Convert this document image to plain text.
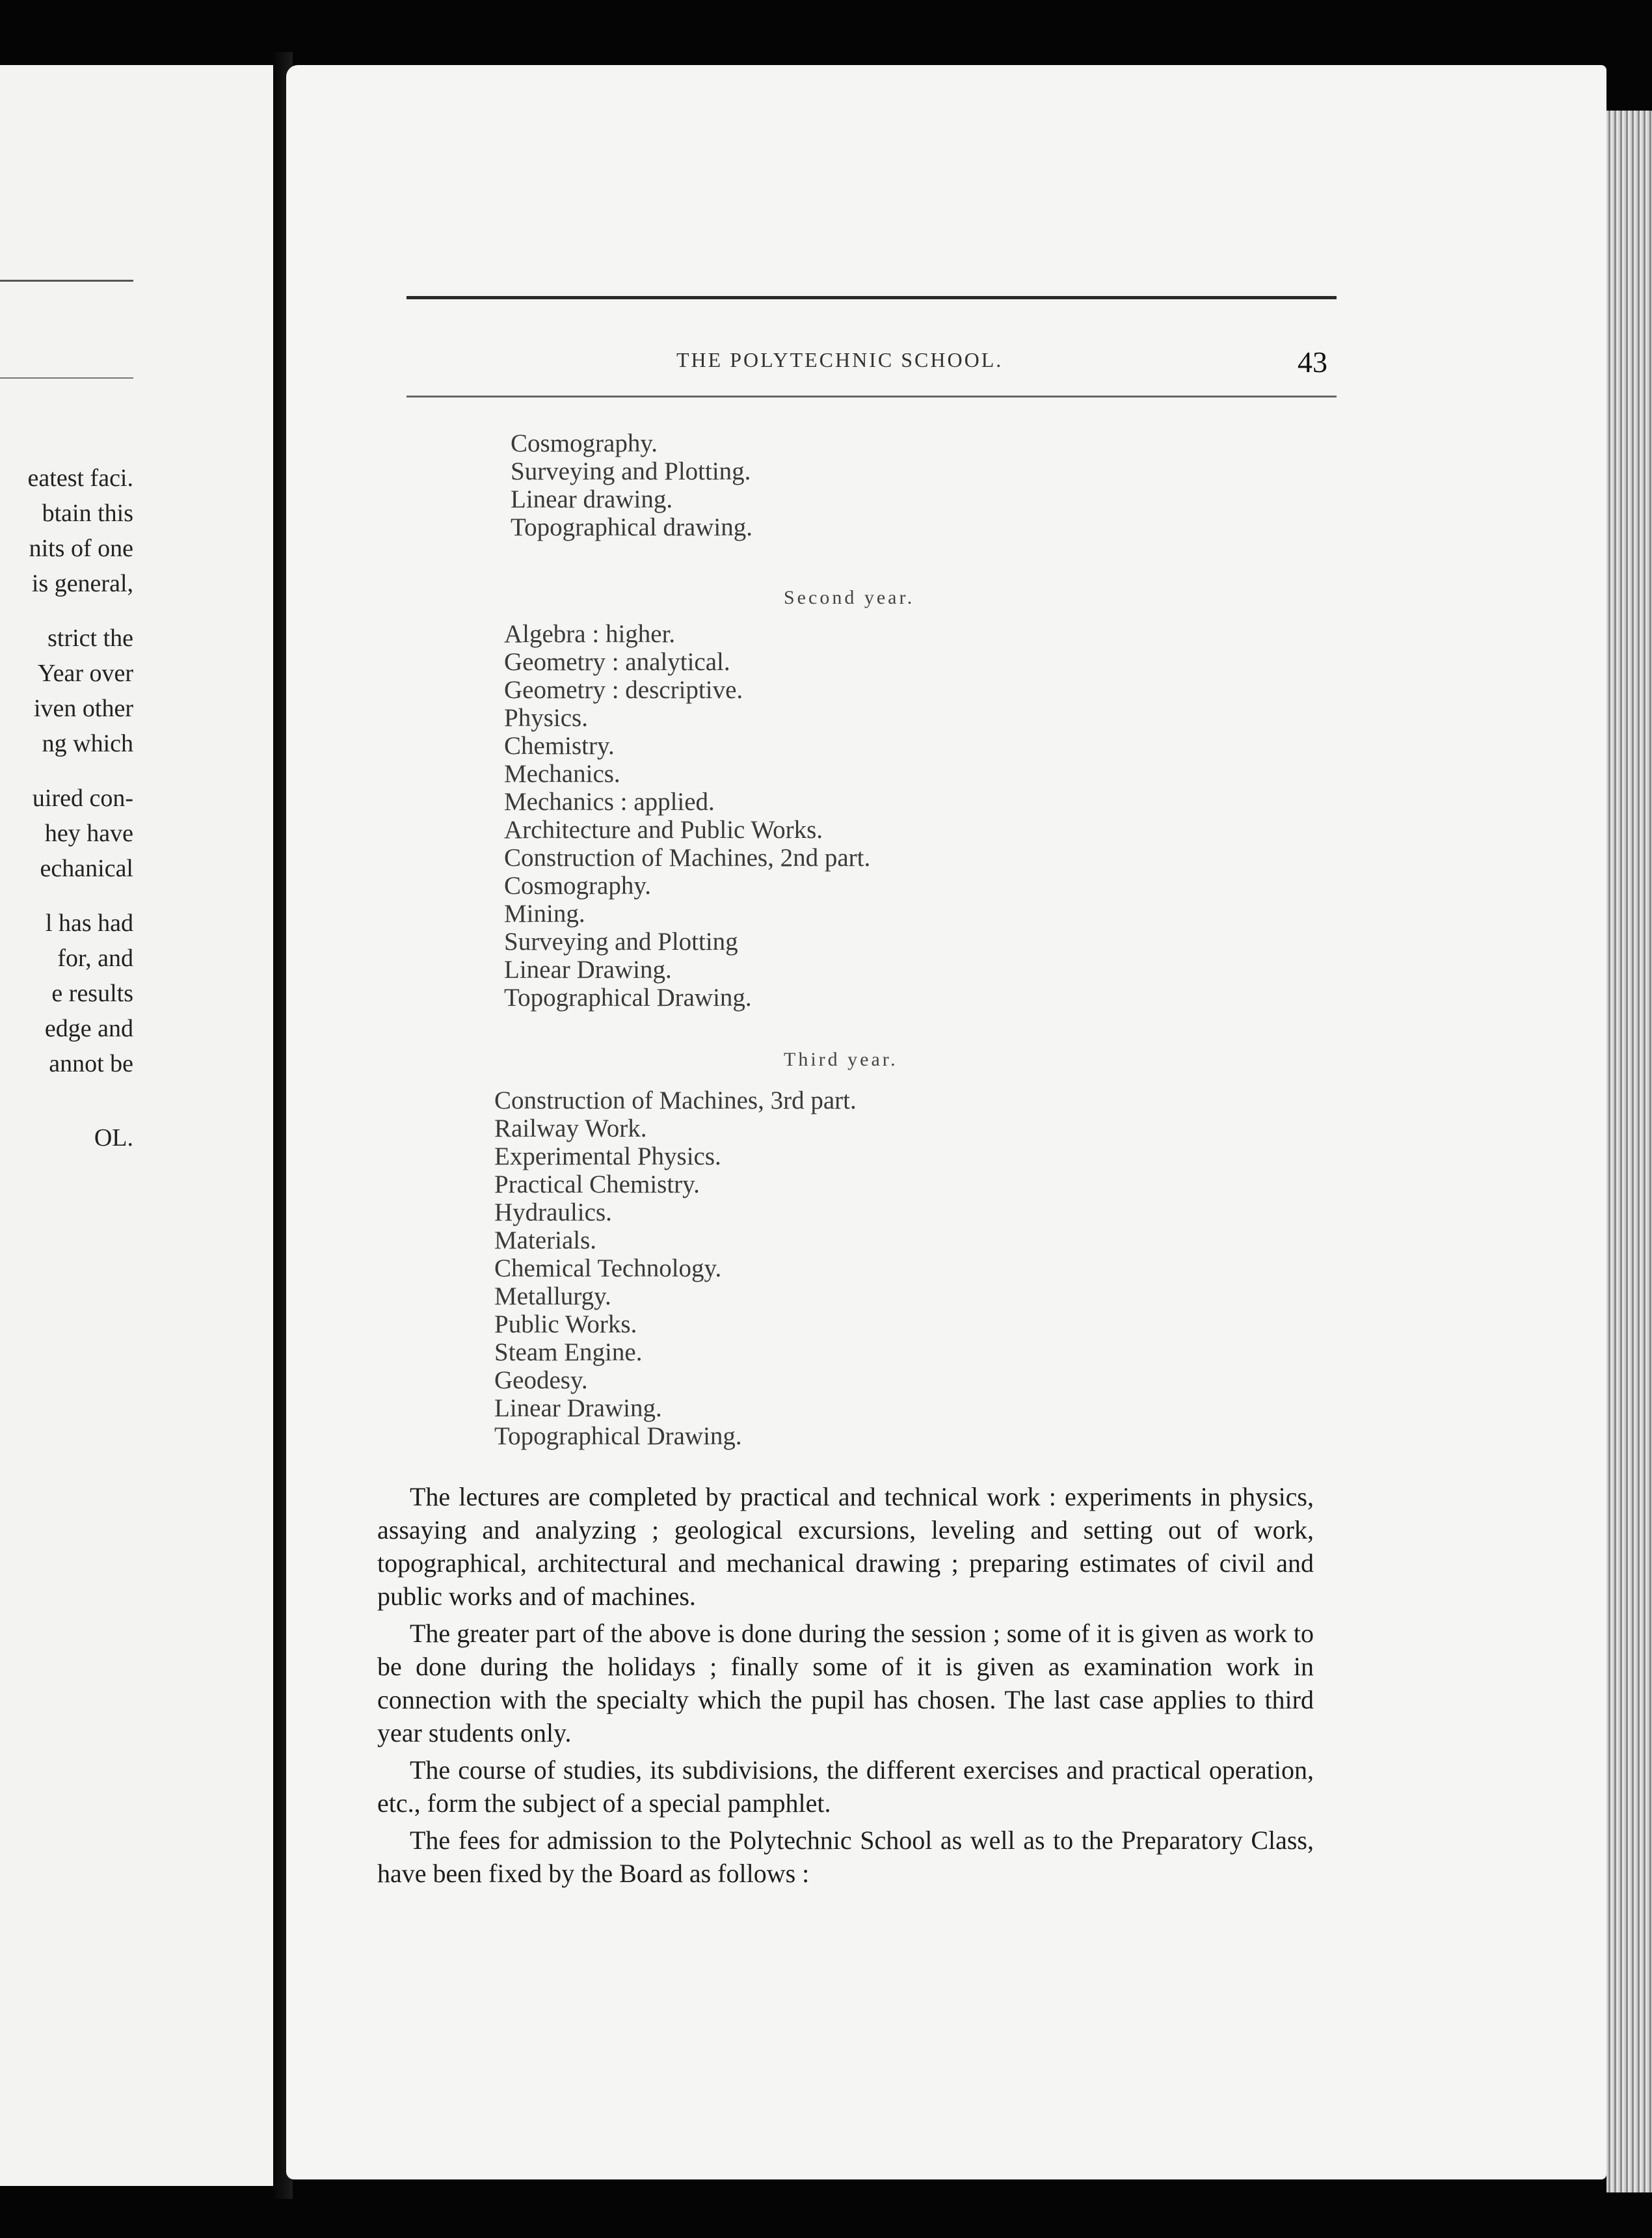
eatest faci.
btain this
nits of one
is general,
strict the
Year over
iven other
ng which
uired con-
hey have
echanical
l has had
for, and
e results
edge and
annot be
OL.
THE POLYTECHNIC SCHOOL.	43
Cosmography.
Surveying and Plotting.
Linear drawing.
Topographical drawing.
Second year.
Algebra : higher.
Geometry : analytical.
Geometry : descriptive.
Physics.
Chemistry.
Mechanics.
Mechanics : applied.
Architecture and Public Works.
Construction of Machines, 2nd part.
Cosmography.
Mining.
Surveying and Plotting
Linear Drawing.
Topographical Drawing.
Third year.
Construction of Machines, 3rd part.
Railway Work.
Experimental Physics.
Practical Chemistry.
Hydraulics.
Materials.
Chemical Technology.
Metallurgy.
Public Works.
Steam Engine.
Geodesy.
Linear Drawing.
Topographical Drawing.

The lectures are completed by practical and technical work : experiments in physics, assaying and analyzing ; geological excursions, leveling and setting out of work, topographical, architectural and mechanical drawing ; preparing estimates of civil and public works and of machines.

The greater part of the above is done during the session ; some of it is given as work to be done during the holidays ; finally some of it is given as examination work in connection with the specialty which the pupil has chosen. The last case applies to third year students only.

The course of studies, its subdivisions, the different exercises and practical operation, etc., form the subject of a special pamphlet.

The fees for admission to the Polytechnic School as well as to the Preparatory Class, have been fixed by the Board as follows :
